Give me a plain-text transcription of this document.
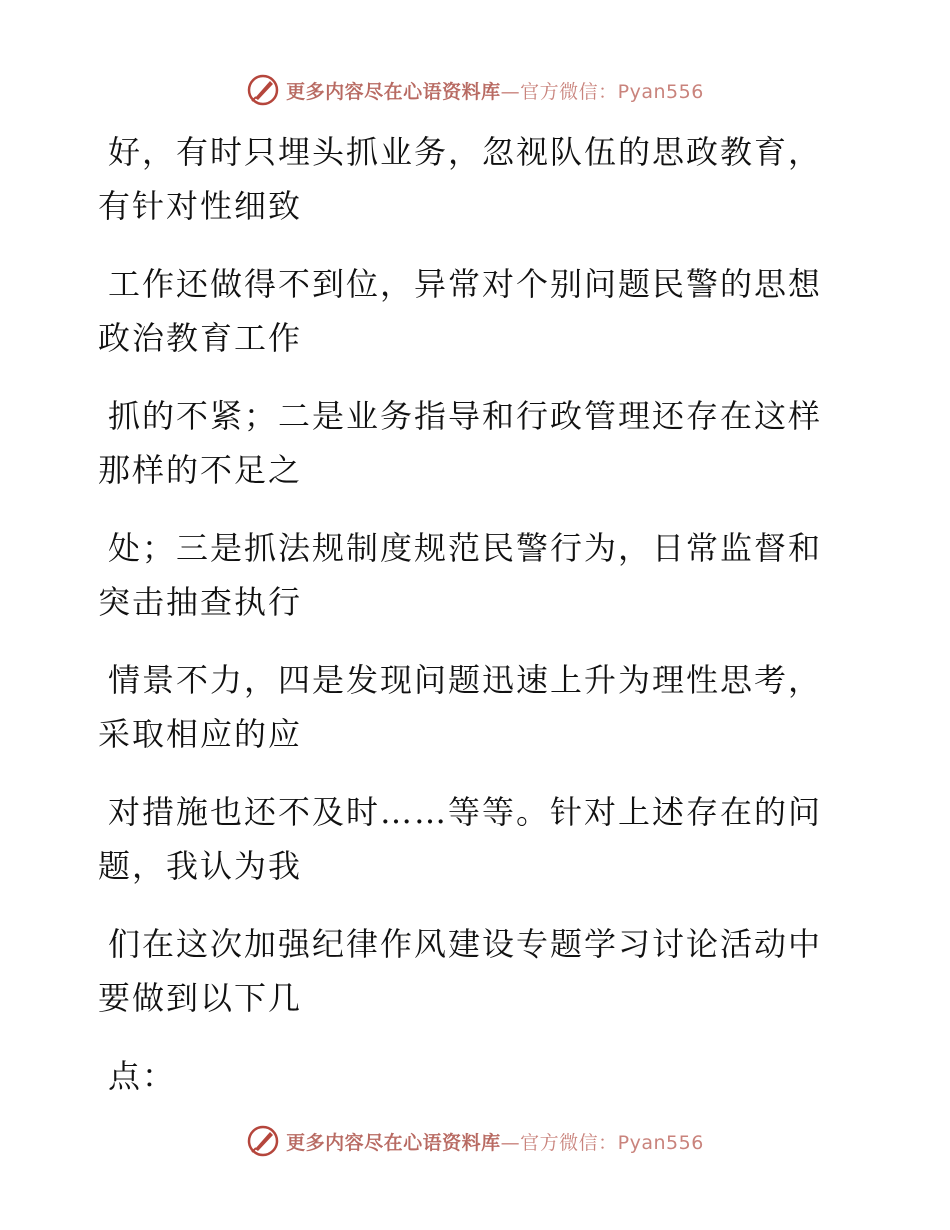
更多内容尽在心语资料库—官方微信：Pyan556

好，有时只埋头抓业务，忽视队伍的思政教育，
有针对性细致

工作还做得不到位，异常对个别问题民警的思想
政治教育工作

抓的不紧；二是业务指导和行政管理还存在这样
那样的不足之

处；三是抓法规制度规范民警行为，日常监督和
突击抽查执行

情景不力，四是发现问题迅速上升为理性思考，
采取相应的应

对措施也还不及时……等等。针对上述存在的问
题，我认为我

们在这次加强纪律作风建设专题学习讨论活动中
要做到以下几

点：

更多内容尽在心语资料库—官方微信：Pyan556
